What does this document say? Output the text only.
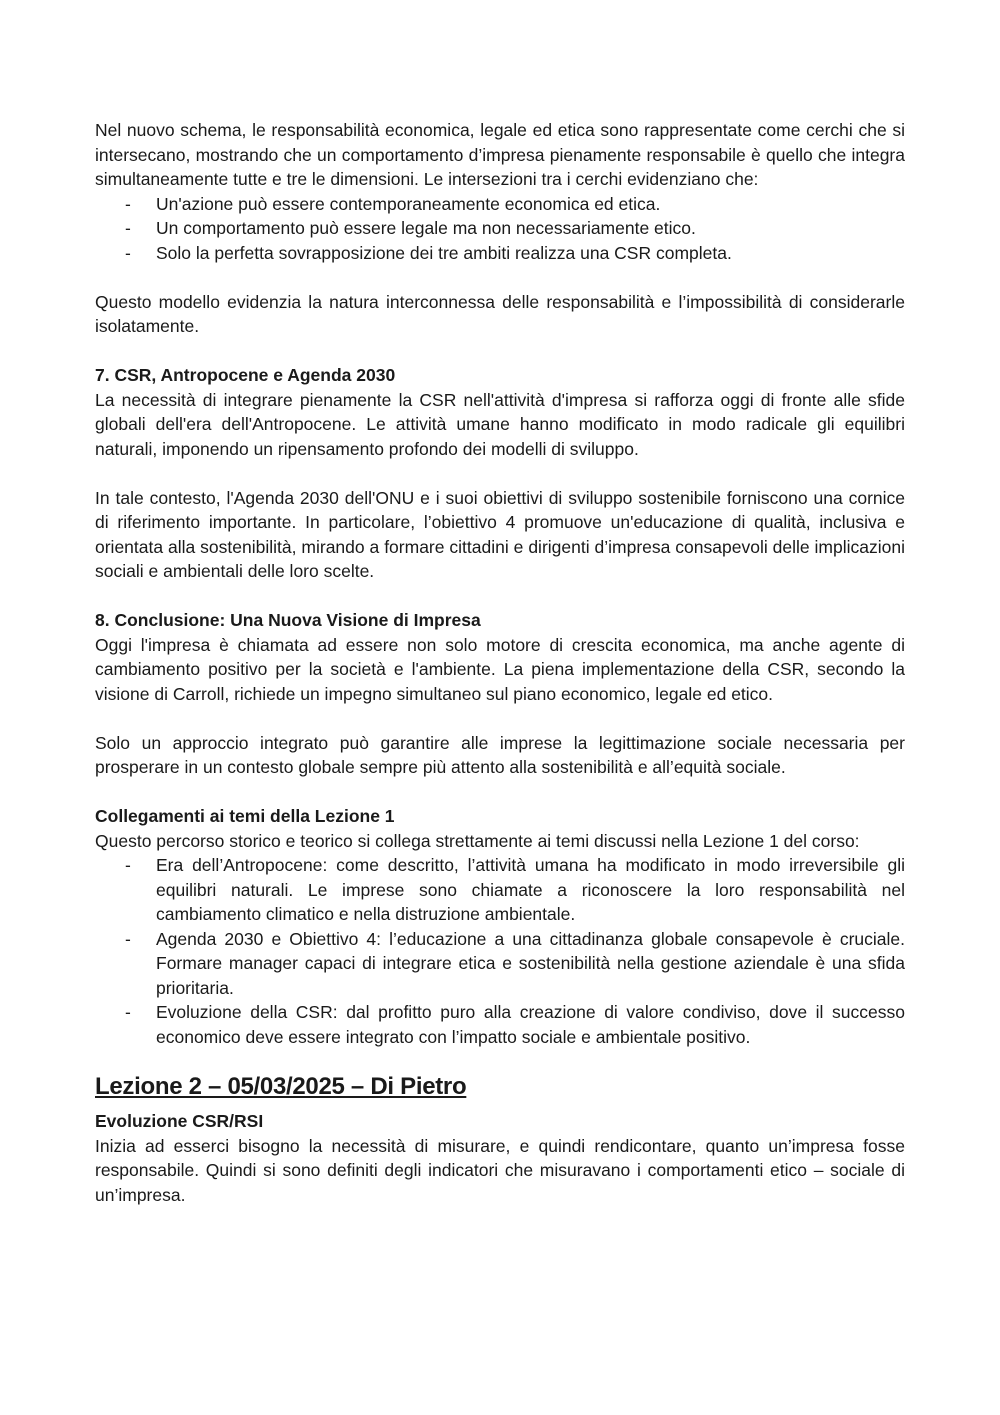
Nel nuovo schema, le responsabilità economica, legale ed etica sono rappresentate come cerchi che si intersecano, mostrando che un comportamento d’impresa pienamente responsabile è quello che integra simultaneamente tutte e tre le dimensioni. Le intersezioni tra i cerchi evidenziano che:

- Un'azione può essere contemporaneamente economica ed etica.
- Un comportamento può essere legale ma non necessariamente etico.
- Solo la perfetta sovrapposizione dei tre ambiti realizza una CSR completa.

Questo modello evidenzia la natura interconnessa delle responsabilità e l’impossibilità di considerarle isolatamente.

7. CSR, Antropocene e Agenda 2030

La necessità di integrare pienamente la CSR nell'attività d'impresa si rafforza oggi di fronte alle sfide globali dell'era dell'Antropocene. Le attività umane hanno modificato in modo radicale gli equilibri naturali, imponendo un ripensamento profondo dei modelli di sviluppo.

In tale contesto, l'Agenda 2030 dell'ONU e i suoi obiettivi di sviluppo sostenibile forniscono una cornice di riferimento importante. In particolare, l’obiettivo 4 promuove un'educazione di qualità, inclusiva e orientata alla sostenibilità, mirando a formare cittadini e dirigenti d’impresa consapevoli delle implicazioni sociali e ambientali delle loro scelte.

8. Conclusione: Una Nuova Visione di Impresa

Oggi l'impresa è chiamata ad essere non solo motore di crescita economica, ma anche agente di cambiamento positivo per la società e l'ambiente. La piena implementazione della CSR, secondo la visione di Carroll, richiede un impegno simultaneo sul piano economico, legale ed etico.

Solo un approccio integrato può garantire alle imprese la legittimazione sociale necessaria per prosperare in un contesto globale sempre più attento alla sostenibilità e all’equità sociale.

Collegamenti ai temi della Lezione 1

Questo percorso storico e teorico si collega strettamente ai temi discussi nella Lezione 1 del corso:

- Era dell’Antropocene: come descritto, l’attività umana ha modificato in modo irreversibile gli equilibri naturali. Le imprese sono chiamate a riconoscere la loro responsabilità nel cambiamento climatico e nella distruzione ambientale.
- Agenda 2030 e Obiettivo 4: l’educazione a una cittadinanza globale consapevole è cruciale. Formare manager capaci di integrare etica e sostenibilità nella gestione aziendale è una sfida prioritaria.
- Evoluzione della CSR: dal profitto puro alla creazione di valore condiviso, dove il successo economico deve essere integrato con l’impatto sociale e ambientale positivo.
Lezione 2 – 05/03/2025 – Di Pietro
Evoluzione CSR/RSI

Inizia ad esserci bisogno la necessità di misurare, e quindi rendicontare, quanto un’impresa fosse responsabile. Quindi si sono definiti degli indicatori che misuravano i comportamenti etico – sociale di un’impresa.
